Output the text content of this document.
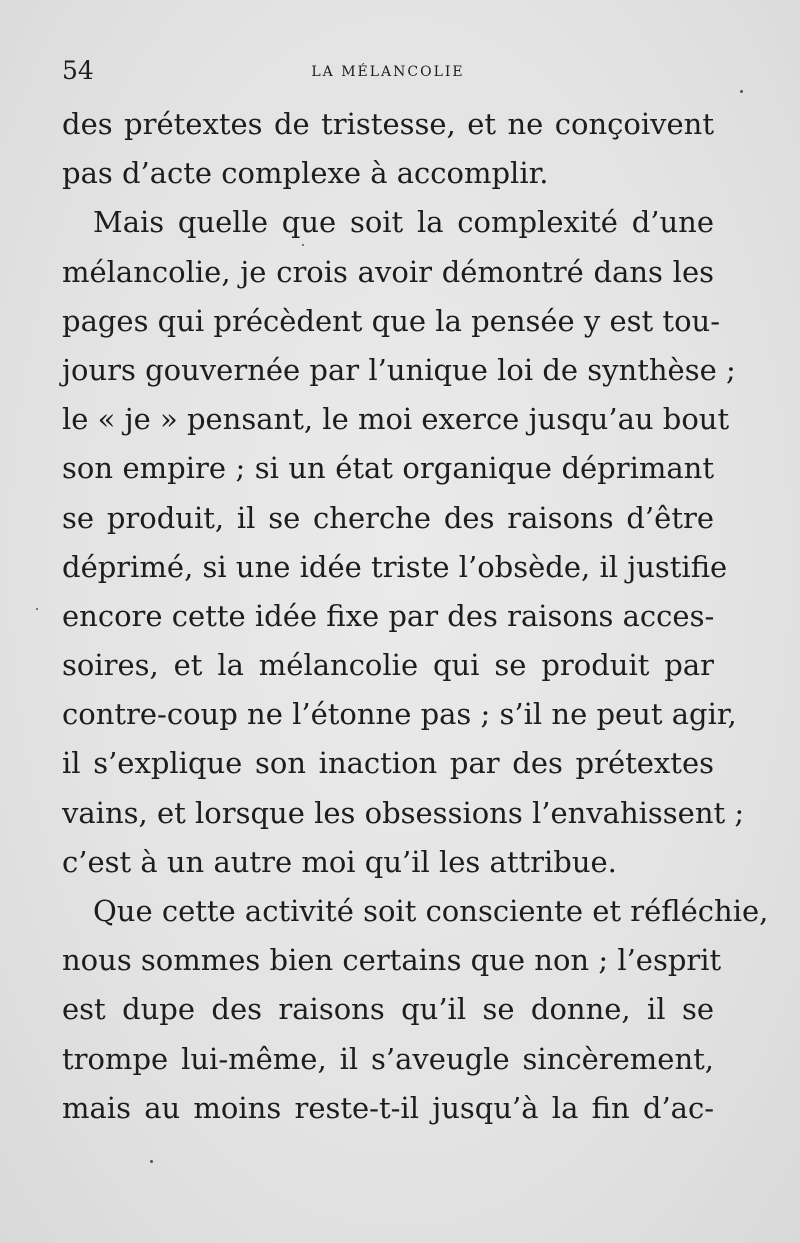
54	LA MÉLANCOLIE
des prétextes de tristesse, et ne conçoivent
pas d’acte complexe à accomplir.
Mais quelle que soit la complexité d’une
mélancolie, je crois avoir démontré dans les
pages qui précèdent que la pensée y est tou-
jours gouvernée par l’unique loi de synthèse ;
le « je » pensant, le moi exerce jusqu’au bout
son empire ; si un état organique déprimant
se produit, il se cherche des raisons d’être
déprimé, si une idée triste l’obsède, il justifie
encore cette idée fixe par des raisons acces-
soires, et la mélancolie qui se produit par
contre-coup ne l’étonne pas ; s’il ne peut agir,
il s’explique son inaction par des prétextes
vains, et lorsque les obsessions l’envahissent ;
c’est à un autre moi qu’il les attribue.
Que cette activité soit consciente et réfléchie,
nous sommes bien certains que non ; l’esprit
est dupe des raisons qu’il se donne, il se
trompe lui-même, il s’aveugle sincèrement,
mais au moins reste-t-il jusqu’à la fin d’ac-
